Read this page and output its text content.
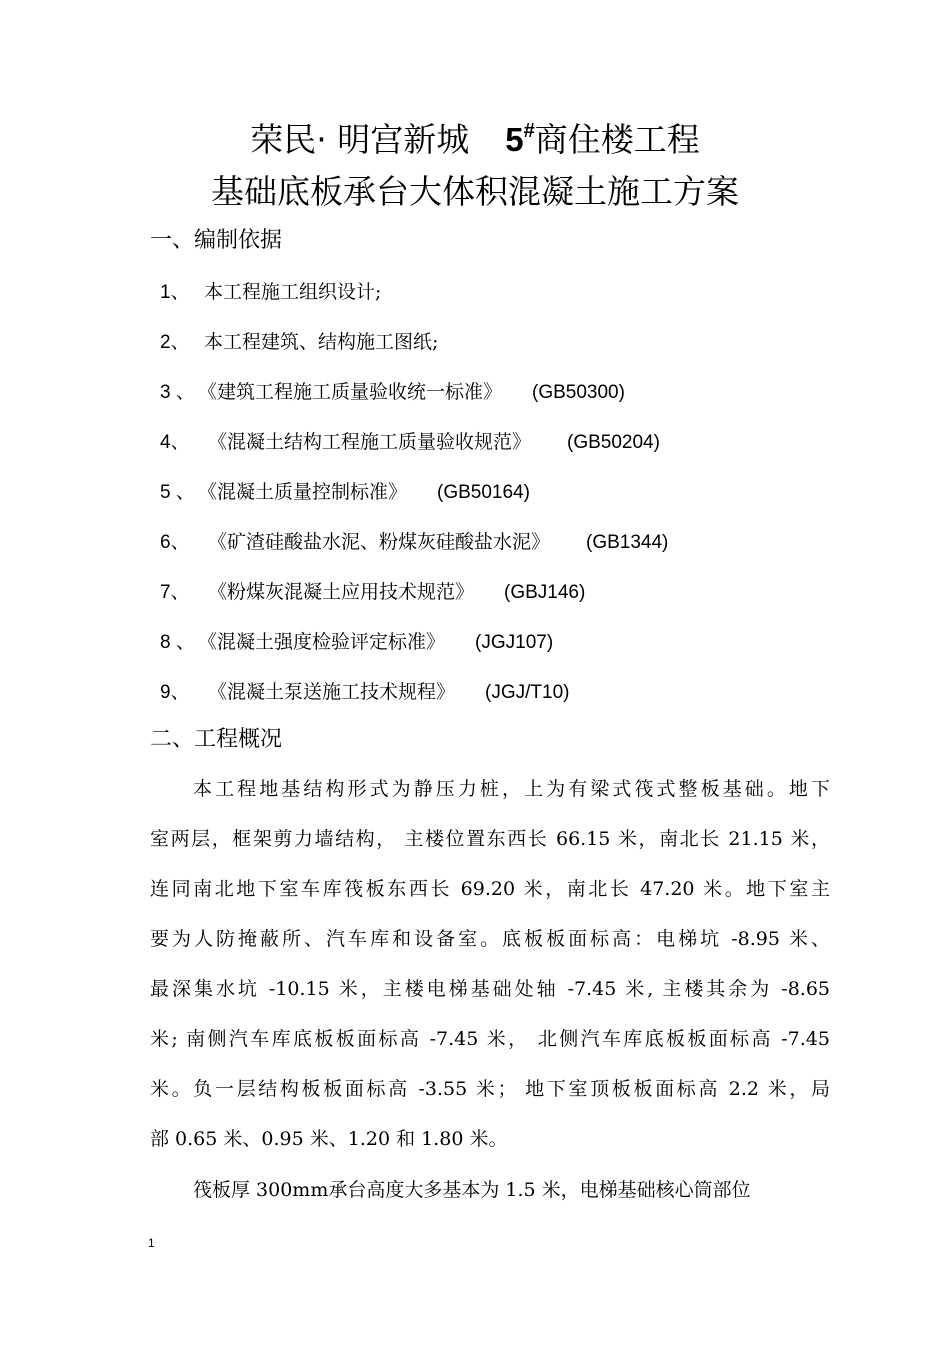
荣民· 明宫新城 5#商住楼工程
基础底板承台大体积混凝土施工方案
一、编制依据
1、 本工程施工组织设计;
2、 本工程建筑、结构施工图纸;
3 、 《建筑工程施工质量验收统一标准》 (GB50300)
4、 《混凝土结构工程施工质量验收规范》 (GB50204)
5 、 《混凝土质量控制标准》 (GB50164)
6、 《矿渣硅酸盐水泥、粉煤灰硅酸盐水泥》 (GB1344)
7、 《粉煤灰混凝土应用技术规范》 (GBJ146)
8 、 《混凝土强度检验评定标准》 (JGJ107)
9、 《混凝土泵送施工技术规程》 (JGJ/T10)
二、工程概况
本工程地基结构形式为静压力桩，上为有梁式筏式整板基础。地下
室两层，框架剪力墙结构， 主楼位置东西长 66.15 米，南北长 21.15 米，
连同南北地下室车库筏板东西长 69.20 米，南北长 47.20 米。地下室主
要为人防掩蔽所、汽车库和设备室。底板板面标高：电梯坑 -8.95 米、
最深集水坑 -10.15 米，主楼电梯基础处轴 -7.45 米, 主楼其余为 -8.65
米; 南侧汽车库底板板面标高 -7.45 米， 北侧汽车库底板板面标高 -7.45
米。负一层结构板板面标高 -3.55 米； 地下室顶板板面标高 2.2 米，局
部 0.65 米、0.95 米、1.20 和 1.80 米。
筏板厚 300mm承台高度大多基本为 1.5 米，电梯基础核心筒部位
1
